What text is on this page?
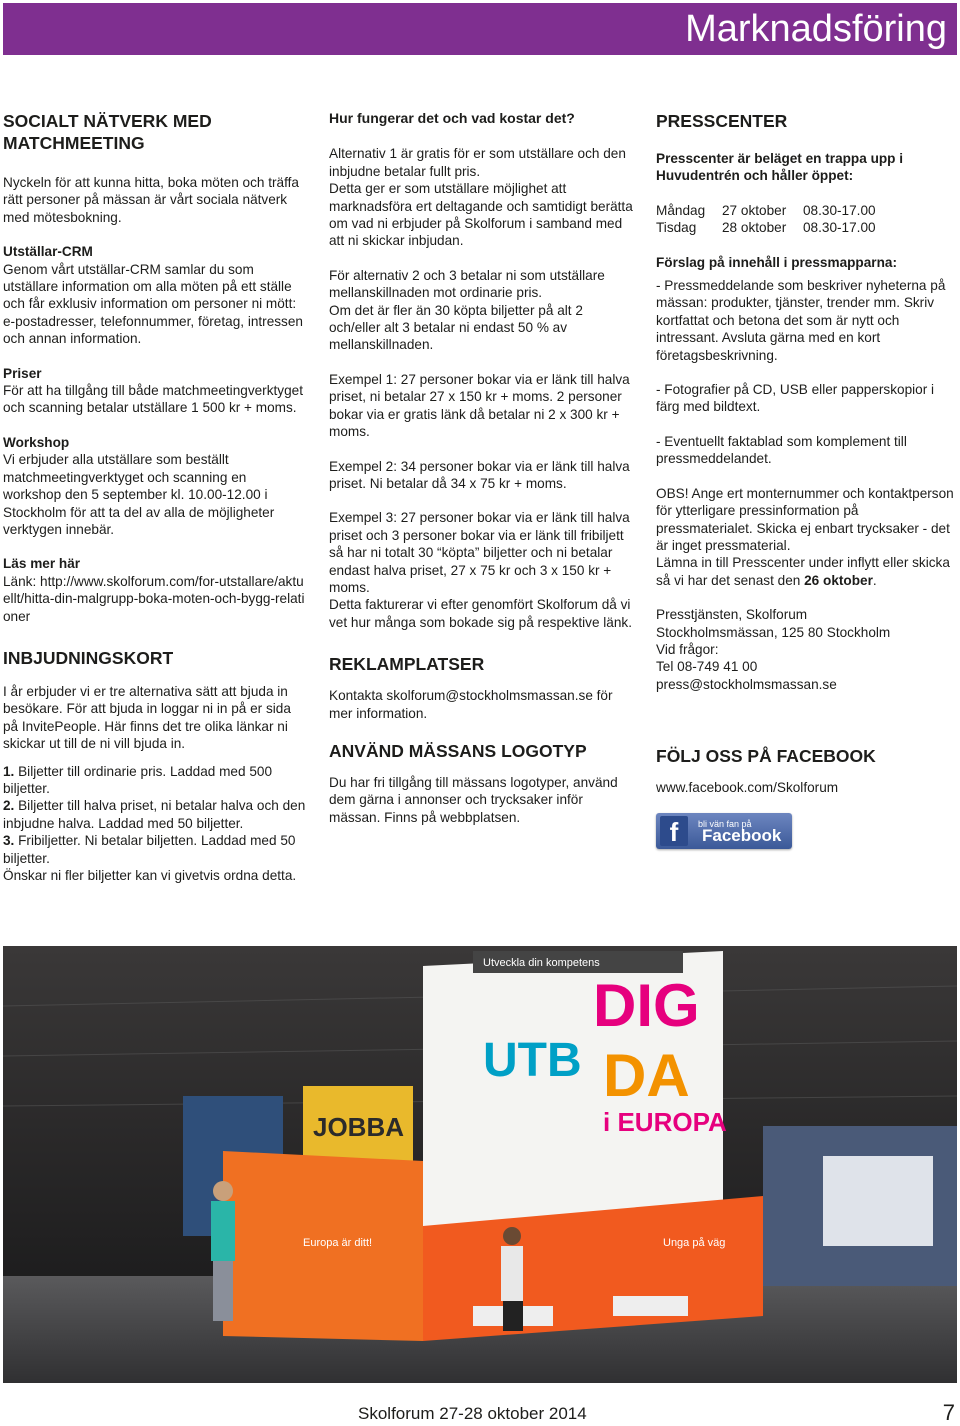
Marknadsföring
SOCIALT NÄTVERK MED MATCHMEETING

Nyckeln för att kunna hitta, boka möten och träffa rätt personer på mässan är vårt sociala nätverk med mötesbokning.

Utställar-CRM

Genom vårt utställar-CRM samlar du som utställare information om alla möten på ett ställe och får exklusiv information om personer ni mött: e-postadresser, telefonnummer, företag, intressen och annan information.

Priser

För att ha tillgång till både matchmeetingverktyget och scanning betalar utställare 1 500 kr + moms.

Workshop

Vi erbjuder alla utställare som beställt matchmeetingverktyget och scanning en workshop den 5 september kl. 10.00-12.00 i Stockholm för att ta del av alla de möjligheter verktygen innebär.

Läs mer här

Länk: http://www.skolforum.com/for-utstallare/aktuellt/hitta-din-malgrupp-boka-moten-och-bygg-relationer

INBJUDNINGSKORT

I år erbjuder vi er tre alternativa sätt att bjuda in besökare. För att bjuda in loggar ni in på er sida på InvitePeople. Här finns det tre olika länkar ni skickar ut till de ni vill bjuda in.

1. Biljetter till ordinarie pris. Laddad med 500 biljetter.

2. Biljetter till halva priset, ni betalar halva och den inbjudne halva. Laddad med 50 biljetter.

3. Fribiljetter. Ni betalar biljetten. Laddad med 50 biljetter.

Önskar ni fler biljetter kan vi givetvis ordna detta.

Hur fungerar det och vad kostar det?

Alternativ 1 är gratis för er som utställare och den inbjudne betalar fullt pris.

Detta ger er som utställare möjlighet att marknadsföra ert deltagande och samtidigt berätta om vad ni erbjuder på Skolforum i samband med att ni skickar inbjudan.

För alternativ 2 och 3 betalar ni som utställare mellanskillnaden mot ordinarie pris.

Om det är fler än 30 köpta biljetter på alt 2 och/eller alt 3 betalar ni endast 50 % av mellanskillnaden.

Exempel 1: 27 personer bokar via er länk till halva priset, ni betalar 27 x 150 kr + moms. 2 personer bokar via er gratis länk då betalar ni 2 x 300 kr + moms.

Exempel 2: 34 personer bokar via er länk till halva priset. Ni betalar då 34 x 75 kr + moms.

Exempel 3: 27 personer bokar via er länk till halva priset och 3 personer bokar via er länk till fribiljett så har ni totalt 30 “köpta” biljetter och ni betalar endast halva priset, 27 x 75 kr och 3 x 150 kr + moms.

Detta fakturerar vi efter genomfört Skolforum då vi vet hur många som bokade sig på respektive länk.

REKLAMPLATSER

Kontakta skolforum@stockholmsmassan.se för mer information.

ANVÄND MÄSSANS LOGOTYP

Du har fri tillgång till mässans logotyper, använd dem gärna i annonser och trycksaker inför mässan. Finns på webbplatsen.

PRESSCENTER

Presscenter är beläget en trappa upp i Huvudentrén och håller öppet:

Måndag	27 oktober	08.30-17.00
Tisdag	28 oktober	08.30-17.00

Förslag på innehåll i pressmapparna:

- Pressmeddelande som beskriver nyheterna på mässan: produkter, tjänster, trender mm. Skriv kortfattat och betona det som är nytt och intressant. Avsluta gärna med en kort företagsbeskrivning.

- Fotografier på CD, USB eller papperskopior i färg med bildtext.

- Eventuellt faktablad som komplement till pressmeddelandet.

OBS! Ange ert monternummer och kontaktperson för ytterligare pressinformation på pressmaterialet. Skicka ej enbart trycksaker - det är inget pressmaterial.

Lämna in till Presscenter under inflytt eller skicka så vi har det senast den 26 oktober.

Presstjänsten, Skolforum

Stockholmsmässan, 125 80 Stockholm

Vid frågor:

Tel 08-749 41 00

press@stockholmsmassan.se

FÖLJ OSS PÅ FACEBOOK

www.facebook.com/Skolforum

f	bli vän fan på
Facebook
Utveckla din kompetens
DIG
DA
UTB
i EUROPA
JOBBA
Europa är ditt!	Unga på väg
Skolforum 27-28 oktober 2014	7
